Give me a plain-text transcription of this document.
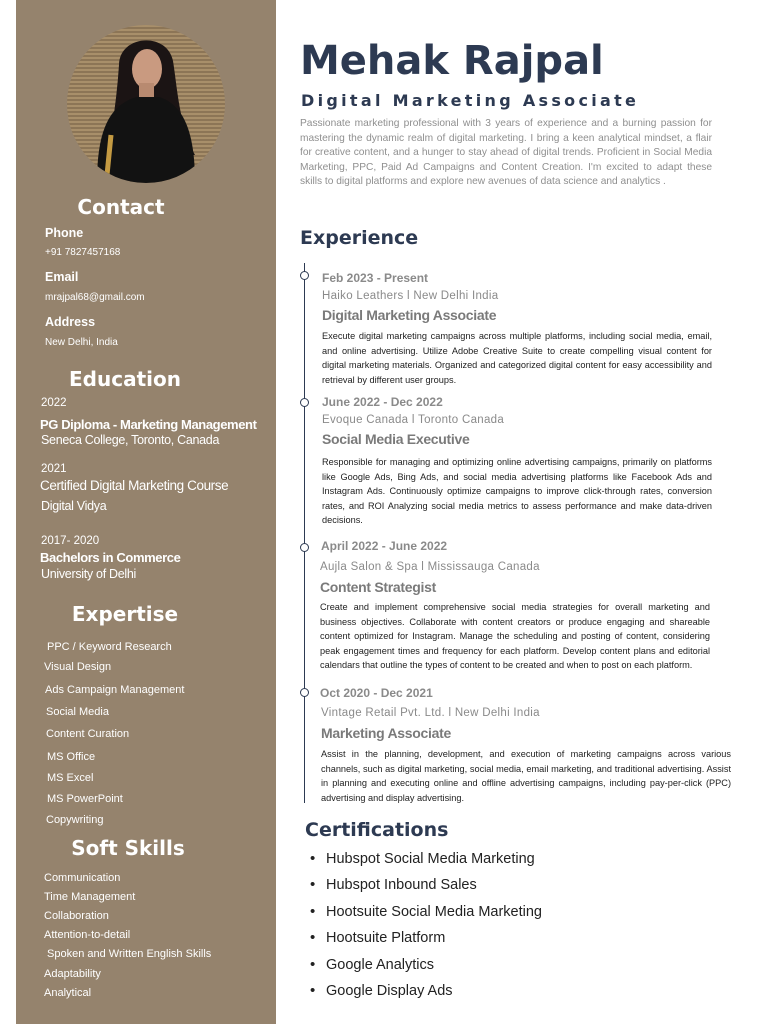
Contact
Phone
+91 7827457168
Email
mrajpal68@gmail.com
Address
New Delhi, India
Education
2022
PG Diploma - Marketing Management
Seneca College, Toronto, Canada
2021
Certified Digital Marketing Course
Digital Vidya
2017- 2020
Bachelors in Commerce
University of Delhi
Expertise
PPC / Keyword Research
Visual Design
Ads Campaign Management
Social Media
Content Curation
MS Office
MS Excel
MS PowerPoint
Copywriting
Soft Skills
Communication
Time Management
Collaboration
Attention-to-detail
Spoken and Written English Skills
Adaptability
Analytical
Mehak Rajpal
Digital Marketing Associate
Passionate marketing professional with 3 years of experience and a burning passion for mastering the dynamic realm of digital marketing. I bring a keen analytical mindset, a flair for creative content, and a hunger to stay ahead of digital trends. Proficient in Social Media Marketing, PPC, Paid Ad Campaigns and Content Creation. I'm excited to adapt these skills to digital platforms and explore new avenues of data science and analytics .
Experience
Feb 2023 - Present
Haiko Leathers l New Delhi India
Digital Marketing Associate
Execute digital marketing campaigns across multiple platforms, including social media, email, and online advertising. Utilize Adobe Creative Suite to create compelling visual content for digital marketing materials. Organized and categorized digital content for easy accessibility and retrieval by different user groups.
June 2022 - Dec 2022
Evoque Canada l Toronto Canada
Social Media Executive
Responsible for managing and optimizing online advertising campaigns, primarily on platforms like Google Ads, Bing Ads, and social media advertising platforms like Facebook Ads and Instagram Ads. Continuously optimize campaigns to improve click-through rates, conversion rates, and ROI Analyzing social media metrics to assess performance and make data-driven decisions.
April 2022 - June 2022
Aujla Salon & Spa l Mississauga Canada
Content Strategist
Create and implement comprehensive social media strategies for overall marketing and business objectives. Collaborate with content creators or produce engaging and shareable content optimized for Instagram. Manage the scheduling and posting of content, considering peak engagement times and frequency for each platform. Develop content plans and editorial calendars that outline the types of content to be created and when to post on each platform.
Oct 2020 - Dec 2021
Vintage Retail Pvt. Ltd. l New Delhi India
Marketing Associate
Assist in the planning, development, and execution of marketing campaigns across various channels, such as digital marketing, social media, email marketing, and traditional advertising. Assist in planning and executing online and offline advertising campaigns, including pay-per-click (PPC) advertising and display advertising.
Certifications
• Hubspot Social Media Marketing
• Hubspot Inbound Sales
• Hootsuite Social Media Marketing
• Hootsuite Platform
• Google Analytics
• Google Display Ads
